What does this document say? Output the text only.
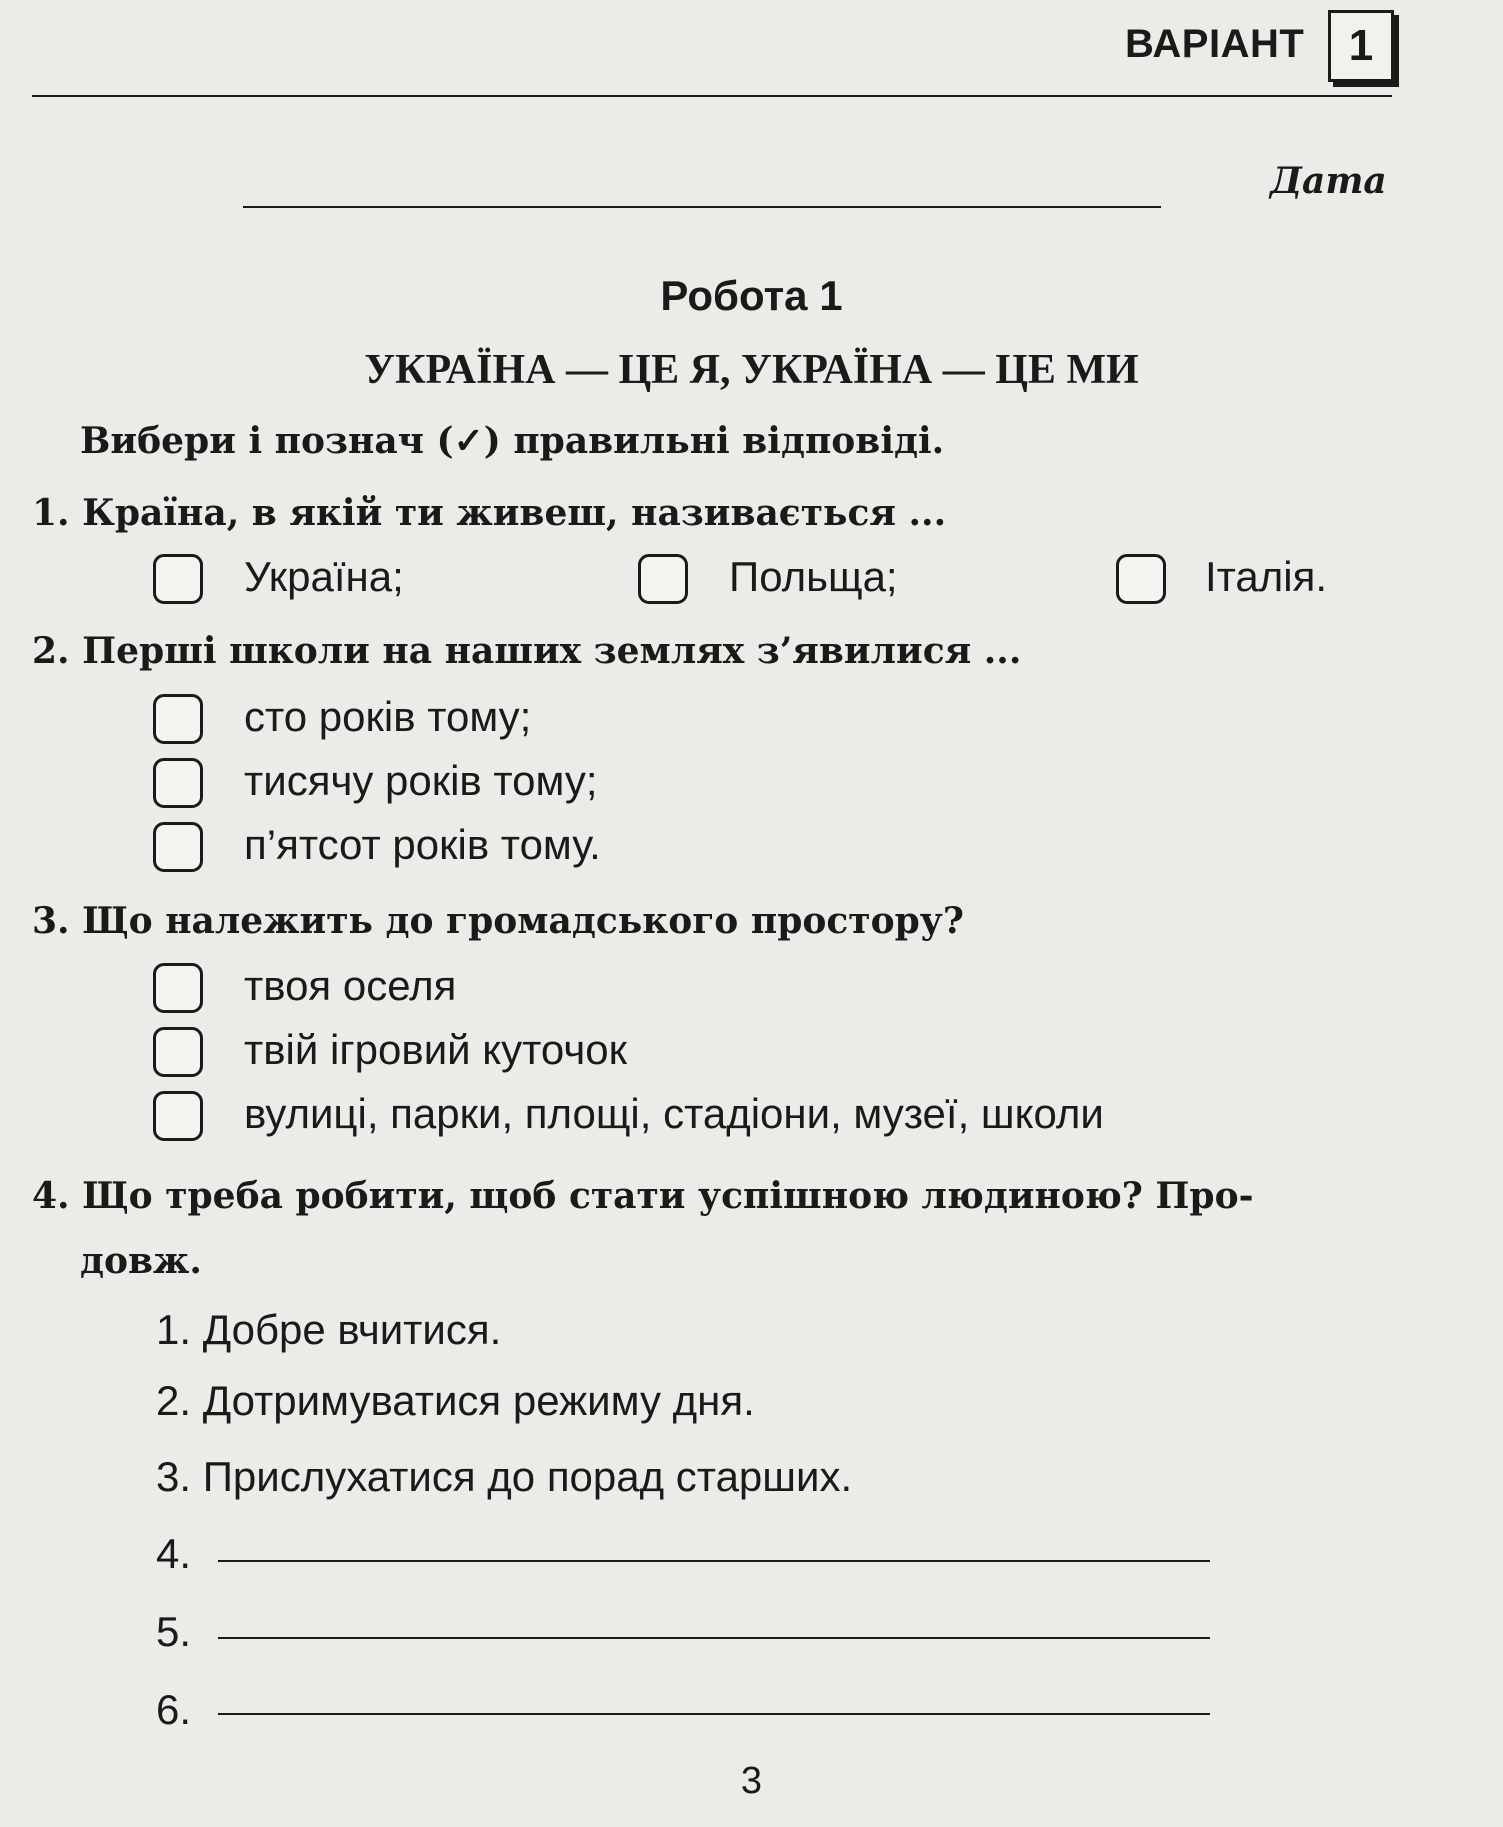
ВАРІАНТ	1
Дата
Робота 1
УКРАЇНА — ЦЕ Я, УКРАЇНА — ЦЕ МИ
Вибери і познач (✓) правильні відповіді.
1. Країна, в якій ти живеш, називається ...
Україна;	Польща;	Італія.
2. Перші школи на наших землях з’явилися ...
сто років тому;
тисячу років тому;
п’ятсот років тому.
3. Що належить до громадського простору?
твоя оселя
твій ігровий куточок
вулиці, парки, площі, стадіони, музеї, школи
4. Що треба робити, щоб стати успішною людиною? Про-
довж.
1. Добре вчитися.
2. Дотримуватися режиму дня.
3. Прислухатися до порад старших.
4.
5.
6.
3
